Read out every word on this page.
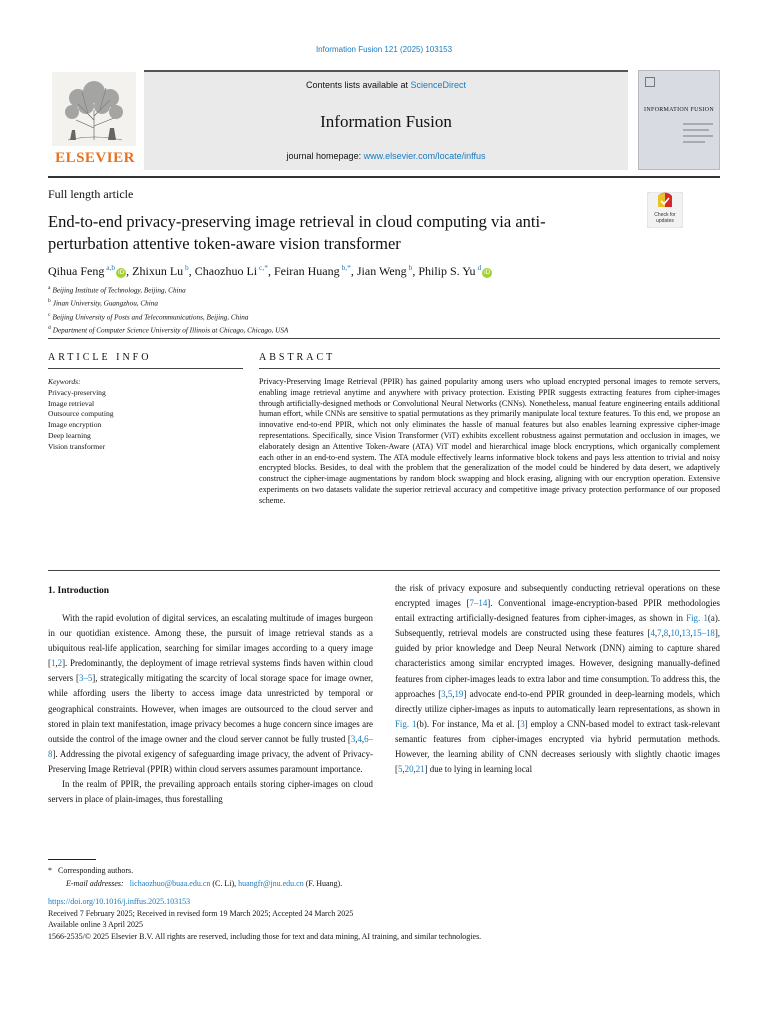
Information Fusion 121 (2025) 103153
ELSEVIER
Contents lists available at ScienceDirect
Information Fusion
journal homepage: www.elsevier.com/locate/inffus
INFORMATION FUSION
Full length article
End-to-end privacy-preserving image retrieval in cloud computing via anti-perturbation attentive token-aware vision transformer
Check for
updates
Qihua Feng $^{a,b}$iD , Zhixun Lu $^b$, Chaozhuo Li $^{c,*}$, Feiran Huang $^{b,*}$, Jian Weng $^b$, Philip S. Yu $^d$iD
$^a$ Beijing Institute of Technology, Beijing, China
$^b$ Jinan University, Guangzhou, China
$^c$ Beijing University of Posts and Telecommunications, Beijing, China
$^d$ Department of Computer Science University of Illinois at Chicago, Chicago, USA
ARTICLE INFO	ABSTRACT
Keywords:
Privacy-preserving
Image retrieval
Outsource computing
Image encryption
Deep learning
Vision transformer
Privacy-Preserving Image Retrieval (PPIR) has gained popularity among users who upload encrypted personal images to remote servers, enabling image retrieval anytime and anywhere with privacy protection. Existing PPIR suggests extracting features from cipher-images through artificially-designed methods or Convolutional Neural Networks (CNNs). Nonetheless, manual feature engineering entails additional human effort, while CNNs are sensitive to spatial permutations as they primarily manipulate local texture features. To this end, we propose an innovative end-to-end PPIR, which not only eliminates the hassle of manual features but also enables learning expressive cipher-image representations. Specifically, since Vision Transformer (ViT) exhibits excellent robustness against permutation and occlusion in images, we elaborately design an Attentive Token-Aware (ATA) ViT model and hierarchical image block encryptions, which organically complement each other in an end-to-end system. The ATA module effectively learns informative block tokens and pays less attention to trivial and noisy encrypted blocks. Besides, to deal with the problem that the generalization of the model could be hindered by data desert, we adaptively construct the cipher-image augmentations by random block swapping and block erasing, aligning with our encryption operation. Extensive experiments on two datasets validate the superior retrieval accuracy and competitive image privacy protection performance of our proposed scheme.
1. Introduction

With the rapid evolution of digital services, an escalating multitude of images burgeon in our quotidian existence. Among these, the pursuit of image retrieval stands as a ubiquitous real-life application, searching for similar images according to a query image [1,2]. Predominantly, the deployment of image retrieval systems finds haven within cloud servers [3–5], strategically mitigating the scarcity of local storage space for image owner, while affording users the liberty to access image data unrestricted by temporal or geographical constraints. However, when images are outsourced to the cloud server and stored in plain text manifestation, image privacy becomes a huge concern since images are outside the control of the image owner and the cloud server cannot be fully trusted [3,4,6–8]. Addressing the pivotal exigency of safeguarding image privacy, the advent of Privacy-Preserving Image Retrieval (PPIR) within cloud servers assumes paramount importance.

In the realm of PPIR, the prevailing approach entails storing cipher-images on cloud servers in place of plain-images, thus forestalling

the risk of privacy exposure and subsequently conducting retrieval operations on these encrypted images [7–14]. Conventional image-encryption-based PPIR methodologies entail extracting artificially-designed features from cipher-images, as shown in Fig. 1(a). Subsequently, retrieval models are constructed using these features [4,7,8,10,13,15–18], guided by prior knowledge and Deep Neural Network (DNN) aiming to capture shared characteristics among similar encrypted images. However, designing manually-defined features from cipher-images leads to extra labor and time consumption. To address this, the approaches [3,5,19] advocate end-to-end PPIR grounded in deep-learning models, which directly utilize cipher-images as inputs to automatically learn representations, as shown in Fig. 1(b). For instance, Ma et al. [3] employ a CNN-based model to extract task-relevant semantic features from cipher-images encrypted via hybrid permutation methods. However, the learning ability of CNN decreases seriously with slightly chaotic images [5,20,21] due to lying in learning local

* Corresponding authors.
E-mail addresses: lichaozhuo@buaa.edu.cn (C. Li), huangfr@jnu.edu.cn (F. Huang).
https://doi.org/10.1016/j.inffus.2025.103153
Received 7 February 2025; Received in revised form 19 March 2025; Accepted 24 March 2025
Available online 3 April 2025
1566-2535/© 2025 Elsevier B.V. All rights are reserved, including those for text and data mining, AI training, and similar technologies.
